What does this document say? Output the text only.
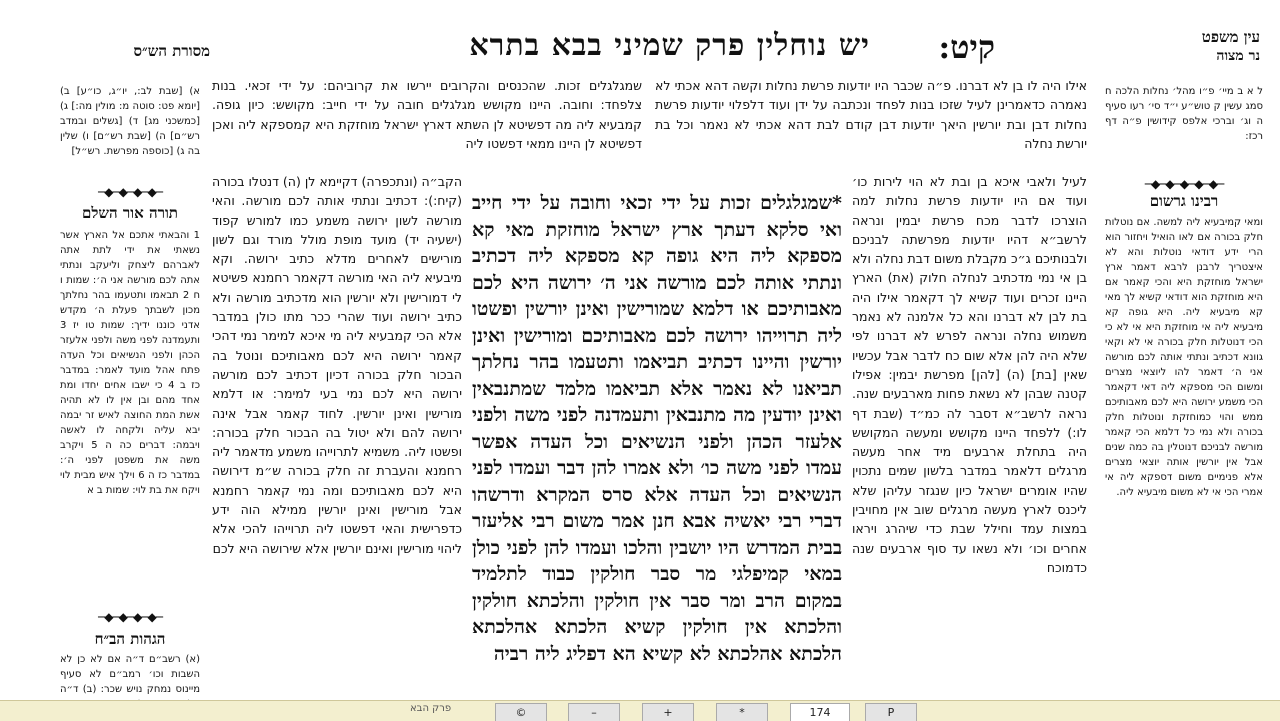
יש נוחלין פרק שמיני בבא בתרא	קיט:	עין משפט
נר מצוה
מסורת הש״ס

ל א ב מיי׳ פ״ו מהל׳ נחלות הלכה ח סמג עשין ק טוש״ע י״ד סי׳ רעו סעיף ה וג׳ וברכי אלפס קידושין פ״ה דף רכז:

─◆─◆─◆─◆─◆─
רבינו גרשום

ומאי קמיבעיא ליה למשה. אם נוטלות חלק בכורה אם לאו הואיל ויחזור הוא הרי ידע דודאי נוטלות והא לא איצטריך לרבנן לרבא דאמר ארץ ישראל מוחזקת היא והכי קאמר אם היא מוחזקת הוא דודאי קשיא לך מאי קא מיבעיא ליה. היא גופה קא מיבעיא ליה אי מוחזקת היא אי לא כי הכי דנוטלות חלק בכורה אי לא וקאי גוונא דכתיב ונתתי אותה לכם מורשה אני ה׳ דאמר להו ליוצאי מצרים ומשום הכי מספקא ליה דאי דקאמר הכי משמע ירושה היא לכם מאבותיכם ממש והוי כמוחזקת ונוטלות חלק בכורה ולא נמי כל דלמא הכי קאמר מורשה לבניכם דנוטלין בה כמה שנים אבל אין יורשין אותה יוצאי מצרים אלא פנימיים משום דספקא ליה אי אמרי הכי אי לא משום מיבעיא ליה.

אילו היה לו בן לא דברנו. פ״ה שכבר היו יודעות פרשת נחלות וקשה דהא אכתי לא נאמרה כדאמרינן לעיל שזכו בנות לפחד ונכתבה על ידן ועוד דלפלוי יודעות פרשת נחלות דבן ובת יורשין היאך יודעות דבן קודם לבת דהא אכתי לא נאמר וכל בת יורשת נחלה

לעיל ולאבי איכא בן ובת לא הוי לירות כו׳ ועוד אם היו יודעות פרשת נחלות למה הוצרכו לדבר מכח פרשת יבמין ונראה לרשב״א דהיו יודעות מפרשתה לבניכם ולבנותיכם ג״כ מקבלת משום דבת נחלה ולא בן אי נמי מדכתיב לנחלה חלוק (את) הארץ היינו זכרים ועוד קשיא לך דקאמר אילו היה בת לבן לא דברנו והא כל אלמנה לא נאמר משמוש נחלה ונראה לפרש לא דברנו לפי שלא היה להן אלא שום כח לדבר אבל עכשיו שאין [בת] (ה) [להן] מפרשת יבמין: אפילו קטנה שבהן לא נשאת פחות מארבעים שנה. נראה לרשב״א דסבר לה כמ״ד (שבת דף לו:) ללפחד היינו מקושש ומעשה המקושש היה בתחלת ארבעים מיד אחר מעשה מרגלים דלאמר במדבר בלשון שמים נתכוין שהיו אומרים ישראל כיון שנגזר עליהן שלא ליכנס לארץ מעשה מרגלים שוב אין מחויבין במצות עמד וחילל שבת כדי שיהרג ויראו אחרים וכו׳ ולא נשאו עד סוף ארבעים שנה כדמוכח

*שמגלגלים זכות על ידי זכאי וחובה על ידי חייב ואי סלקא דעתך ארץ ישראל מוחזקת מאי קא מספקא ליה היא גופה קא מספקא ליה דכתיב ונתתי אותה לכם מורשה אני ה׳ ירושה היא לכם מאבותיכם או דלמא שמורישין ואינן יורשין ופשטו ליה תרוייהו ירושה לכם מאבותיכם ומורישין ואינן יורשין והיינו דכתיב תביאמו ותטעמו בהר נחלתך תביאנו לא נאמר אלא תביאמו מלמד שמתנבאין ואינן יודעין מה מתנבאין ותעמדנה לפני משה ולפני אלעזר הכהן ולפני הנשיאים וכל העדה אפשר עמדו לפני משה כו׳ ולא אמרו להן דבר ועמדו לפני הנשיאים וכל העדה אלא סרס המקרא ודרשהו דברי רבי יאשיה אבא חנן אמר משום רבי אליעזר בבית המדרש היו יושבין והלכו ועמדו להן לפני כולן במאי קמיפלגי מר סבר חולקין כבוד לתלמיד במקום הרב ומר סבר אין חולקין והלכתא חולקין והלכתא אין חולקין קשיא הלכתא אהלכתא הלכתא אהלכתא לא קשיא הא דפליג ליה רביה

שמגלגלים זכות. שהכנסים והקרובים יירשו את קרוביהם: על ידי זכאי. בנות צלפחד: וחובה. היינו מקושש מגלגלים חובה על ידי חייב: מקושש: כיון גופה. קמבעיא ליה מה דפשיטא לן השתא דארץ ישראל מוחזקת היא קמספקא ליה ואכן דפשיטא לן היינו ממאי דפשטו ליה

הקב״ה (ונתכפרה) דקיימא לן (ה) דנטלו בכורה (קיח:): דכתיב ונתתי אותה לכם מורשה. והאי מורשה לשון ירושה משמע כמו למורש קפוד (ישעיה יד) מועד מופת מולל מורד וגם לשון מורישים לאחרים מדלא כתיב ירושה. וקא מיבעיא ליה האי מורשה דקאמר רחמנא פשיטא לי דמורישין ולא יורשין הוא מדכתיב מורשה ולא כתיב ירושה ועוד שהרי ככר מתו כולן במדבר אלא הכי קמבעיא ליה מי איכא למימר נמי דהכי קאמר ירושה היא לכם מאבותיכם ונוטל בה הבכור חלק בכורה דכיון דכתיב לכם מורשה ירושה היא לכם נמי בעי למימר: או דלמא מורישין ואינן יורשין. לחוד קאמר אבל אינה ירושה להם ולא יטול בה הבכור חלק בכורה: ופשטו ליה. משמיא לתרוייהו משמע מדאמר ליה רחמנא והעברת זה חלק בכורה ש״מ דירושה היא לכם מאבותיכם ומה נמי קאמר רחמנא אבל מורישין ואינן יורשין ממילא הוה ידע כדפרישית והאי דפשטו ליה תרוייהו להכי אלא ליהוי מורישין ואינם יורשין אלא שירושה היא לכם

א) [שבת לב:, יו״ג, כו״ע] ב) [יומא פט: סוטה מ: מולין מה:] ג) [כמשכני מג] ד) [גשלים ובמדב רש״ם] ה) [שבת רש״ם] ו) שלין בה ג) [כוספה מפרשת. רש״ל]

─◆─◆─◆─◆─
תורה אור השלם

1 והבאתי אתכם אל הארץ אשר נשאתי את ידי לתת אתה לאברהם ליצחק וליעקב ונתתי אתה לכם מורשה אני ה׳: שמות ו ח 2 תבאמו ותטעמו בהר נחלתך מכון לשבתך פעלת ה׳ מקדש אדני כוננו ידיך: שמות טו יז 3 ותעמדנה לפני משה ולפני אלעזר הכהן ולפני הנשיאים וכל העדה פתח אהל מועד לאמר: במדבר כז ב 4 כי ישבו אחים יחדו ומת אחד מהם ובן אין לו לא תהיה אשת המת החוצה לאיש זר יבמה יבא עליה ולקחה לו לאשה ויבמה: דברים כה ה 5 ויקרב משה את משפטן לפני ה׳: במדבר כז ה 6 וילך איש מבית לוי ויקח את בת לוי: שמות ב א

─◆─◆─◆─◆─
הגהות הב״ח

(א) רשב״ם ד״ה אם לא כן לא השבות וכו׳ רמב״ם לא סעיף מיינוס נמחק נויש שכר: (ב) ד״ה

פרק הבא	©	–	+	*	174	P
